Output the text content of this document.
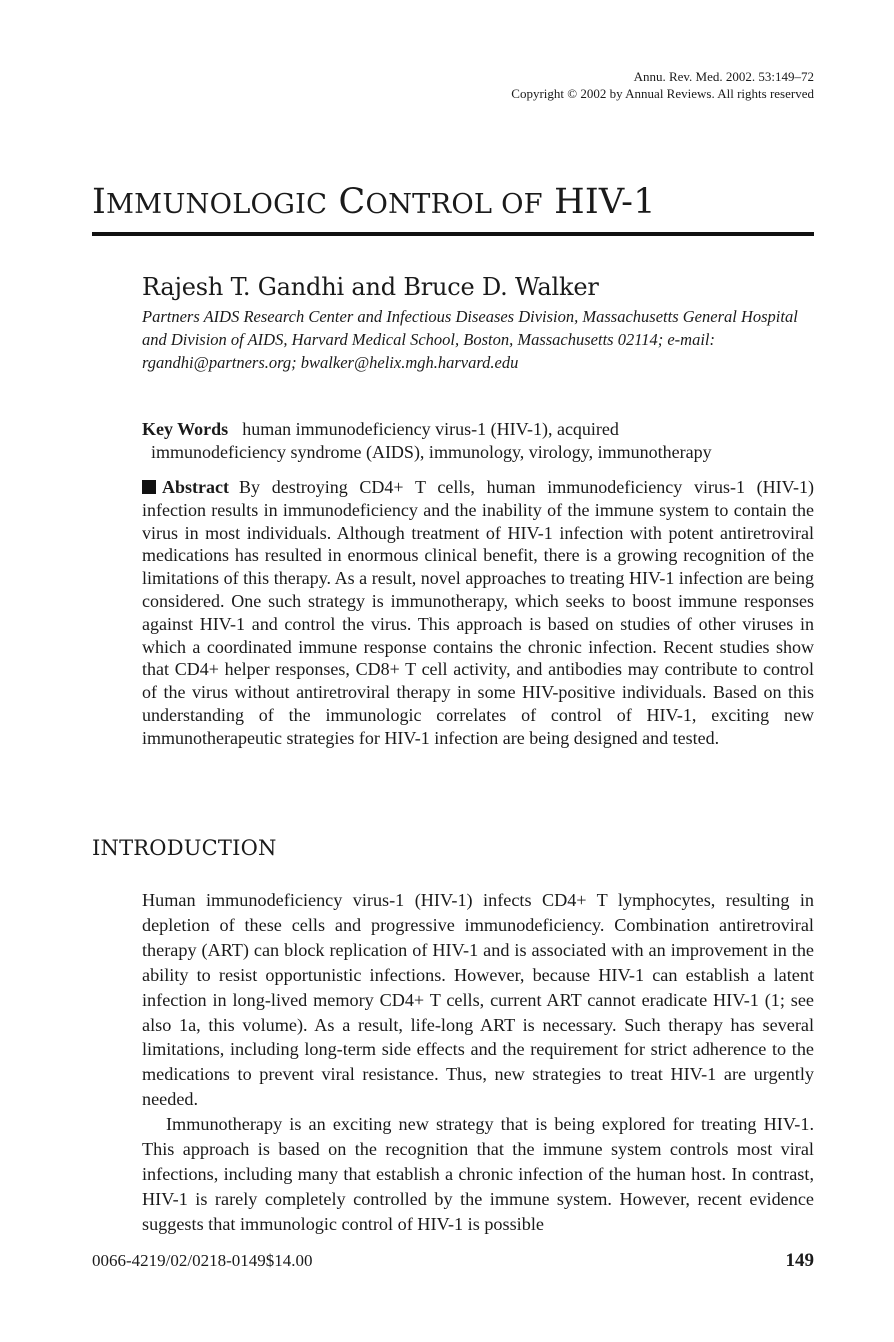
Annu. Rev. Med. 2002. 53:149–72
Copyright © 2002 by Annual Reviews. All rights reserved
IMMUNOLOGIC CONTROL OF HIV-1
Rajesh T. Gandhi and Bruce D. Walker
Partners AIDS Research Center and Infectious Diseases Division, Massachusetts General Hospital and Division of AIDS, Harvard Medical School, Boston, Massachusetts 02114; e-mail: rgandhi@partners.org; bwalker@helix.mgh.harvard.edu
Key Words human immunodeficiency virus-1 (HIV-1), acquired
immunodeficiency syndrome (AIDS), immunology, virology, immunotherapy

Abstract By destroying CD4+ T cells, human immunodeficiency virus-1 (HIV-1) infection results in immunodeficiency and the inability of the immune system to contain the virus in most individuals. Although treatment of HIV-1 infection with potent antiretroviral medications has resulted in enormous clinical benefit, there is a growing recognition of the limitations of this therapy. As a result, novel approaches to treating HIV-1 infection are being considered. One such strategy is immunotherapy, which seeks to boost immune responses against HIV-1 and control the virus. This approach is based on studies of other viruses in which a coordinated immune response contains the chronic infection. Recent studies show that CD4+ helper responses, CD8+ T cell activity, and antibodies may contribute to control of the virus without antiretroviral therapy in some HIV-positive individuals. Based on this understanding of the immunologic correlates of control of HIV-1, exciting new immunotherapeutic strategies for HIV-1 infection are being designed and tested.

INTRODUCTION

Human immunodeficiency virus-1 (HIV-1) infects CD4+ T lymphocytes, resulting in depletion of these cells and progressive immunodeficiency. Combination antiretroviral therapy (ART) can block replication of HIV-1 and is associated with an improvement in the ability to resist opportunistic infections. However, because HIV-1 can establish a latent infection in long-lived memory CD4+ T cells, current ART cannot eradicate HIV-1 (1; see also 1a, this volume). As a result, life-long ART is necessary. Such therapy has several limitations, including long-term side effects and the requirement for strict adherence to the medications to prevent viral resistance. Thus, new strategies to treat HIV-1 are urgently needed.

Immunotherapy is an exciting new strategy that is being explored for treating HIV-1. This approach is based on the recognition that the immune system controls most viral infections, including many that establish a chronic infection of the human host. In contrast, HIV-1 is rarely completely controlled by the immune system. However, recent evidence suggests that immunologic control of HIV-1 is possible

0066-4219/02/0218-0149$14.00	149
